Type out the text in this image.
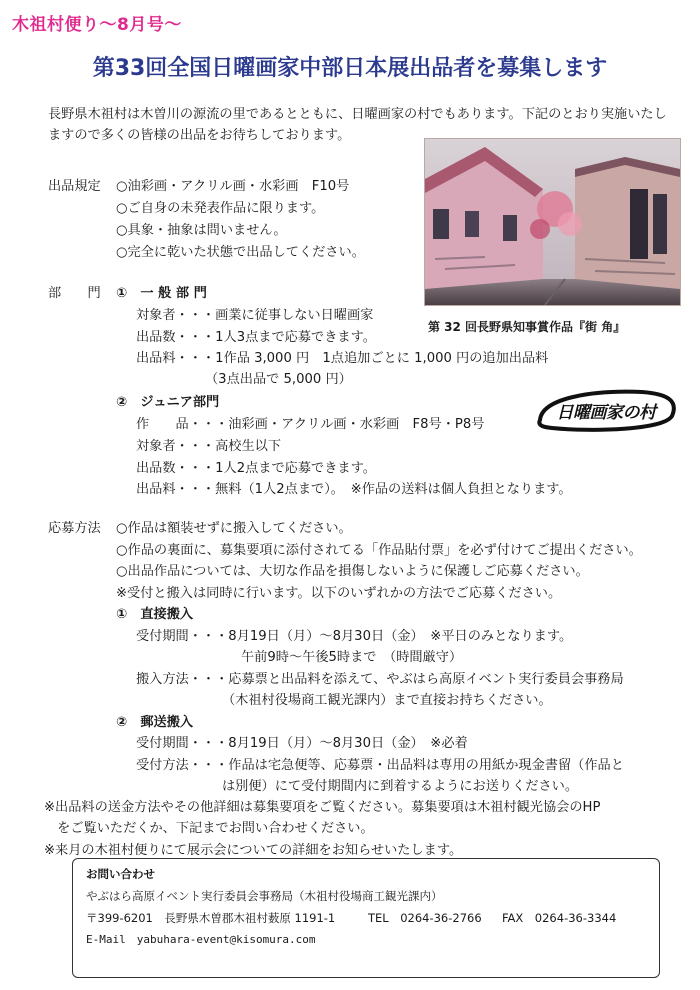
木祖村便り～8月号～
第33回全国日曜画家中部日本展出品者を募集します
長野県木祖村は木曽川の源流の里であるとともに、日曜画家の村でもあります。下記のとおり実施いたしますので多くの皆様の出品をお待ちしております。
第 32 回長野県知事賞作品『街 角』
日曜画家の村
出品規定 ○油彩画・アクリル画・水彩画　F10号
○ご自身の未発表作品に限ります。
○具象・抽象は問いません。
○完全に乾いた状態で出品してください。
部　　門 ①　一 般 部 門
対象者・・・画業に従事しない日曜画家
出品数・・・1人3点まで応募できます。
出品料・・・1作品 3,000 円　1点追加ごとに 1,000 円の追加出品料
（3点出品で 5,000 円）
②　ジュニア部門
作　　品・・・油彩画・アクリル画・水彩画　F8号・P8号
対象者・・・高校生以下
出品数・・・1人2点まで応募できます。
出品料・・・無料（1人2点まで）。　※作品の送料は個人負担となります。
応募方法 ○作品は額装せずに搬入してください。
○作品の裏面に、募集要項に添付されてる「作品貼付票」を必ず付けてご提出ください。
○出品作品については、大切な作品を損傷しないように保護しご応募ください。
※受付と搬入は同時に行います。以下のいずれかの方法でご応募ください。
①　直接搬入
受付期間・・・8月19日（月）～8月30日（金）　※平日のみとなります。
午前9時～午後5時まで　（時間厳守）
搬入方法・・・応募票と出品料を添えて、やぶはら高原イベント実行委員会事務局
（木祖村役場商工観光課内）まで直接お持ちください。
②　郵送搬入
受付期間・・・8月19日（月）～8月30日（金）　※必着
受付方法・・・作品は宅急便等、応募票・出品料は専用の用紙か現金書留（作品と
は別便）にて受付期間内に到着するようにお送りください。
※出品料の送金方法やその他詳細は募集要項をご覧ください。募集要項は木祖村観光協会のHP
　をご覧いただくか、下記までお問い合わせください。
※来月の木祖村便りにて展示会についての詳細をお知らせいたします。
お問い合わせ
やぶはら高原イベント実行委員会事務局（木祖村役場商工観光課内）
〒399-6201　長野県木曽郡木祖村薮原 1191-1	TEL　0264-36-2766 FAX　0264-36-3344
E-Mail　yabuhara-event@kisomura.com
